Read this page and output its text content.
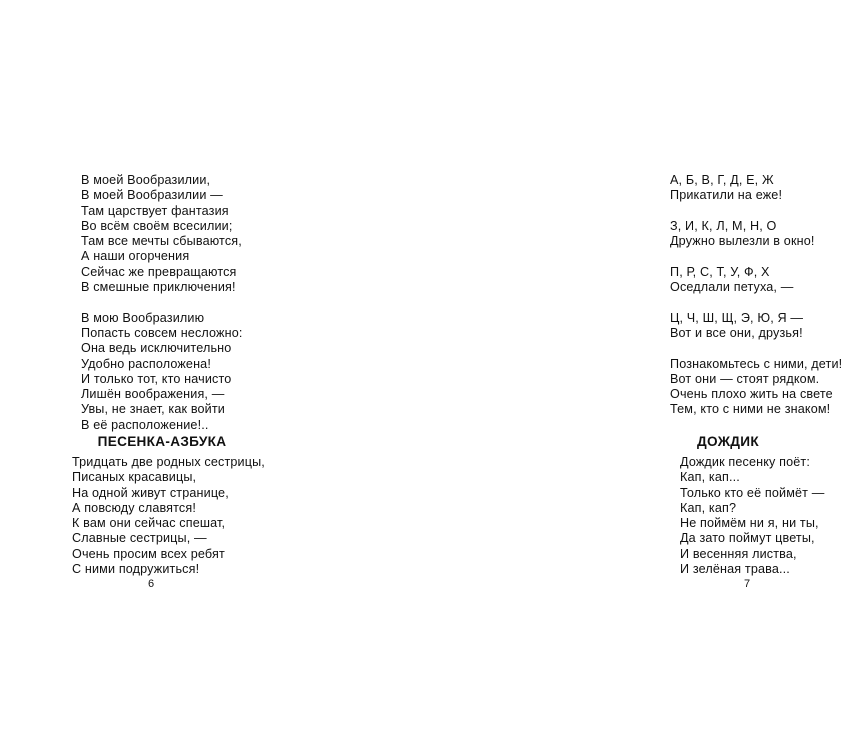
В моей Вообразилии,
В моей Вообразилии —
Там царствует фантазия
Во всём своём всесилии;
Там все мечты сбываются,
А наши огорчения
Сейчас же превращаются
В смешные приключения!
В мою Вообразилию
Попасть совсем несложно:
Она ведь исключительно
Удобно расположена!
И только тот, кто начисто
Лишён воображения, —
Увы, не знает, как войти
В её расположение!..
ПЕСЕНКА-АЗБУКА
Тридцать две родных сестрицы,
Писаных красавицы,
На одной живут странице,
А повсюду славятся!
К вам они сейчас спешат,
Славные сестрицы, —
Очень просим всех ребят
С ними подружиться!
6
А, Б, В, Г, Д, Е, Ж
Прикатили на еже!
З, И, К, Л, М, Н, О
Дружно вылезли в окно!
П, Р, С, Т, У, Ф, Х
Оседлали петуха, —
Ц, Ч, Ш, Щ, Э, Ю, Я —
Вот и все они, друзья!
Познакомьтесь с ними, дети!
Вот они — стоят рядком.
Очень плохо жить на свете
Тем, кто с ними не знаком!
ДОЖДИК
Дождик песенку поёт:
Кап, кап...
Только кто её поймёт —
Кап, кап?
Не поймём ни я, ни ты,
Да зато поймут цветы,
И весенняя листва,
И зелёная трава...
7
